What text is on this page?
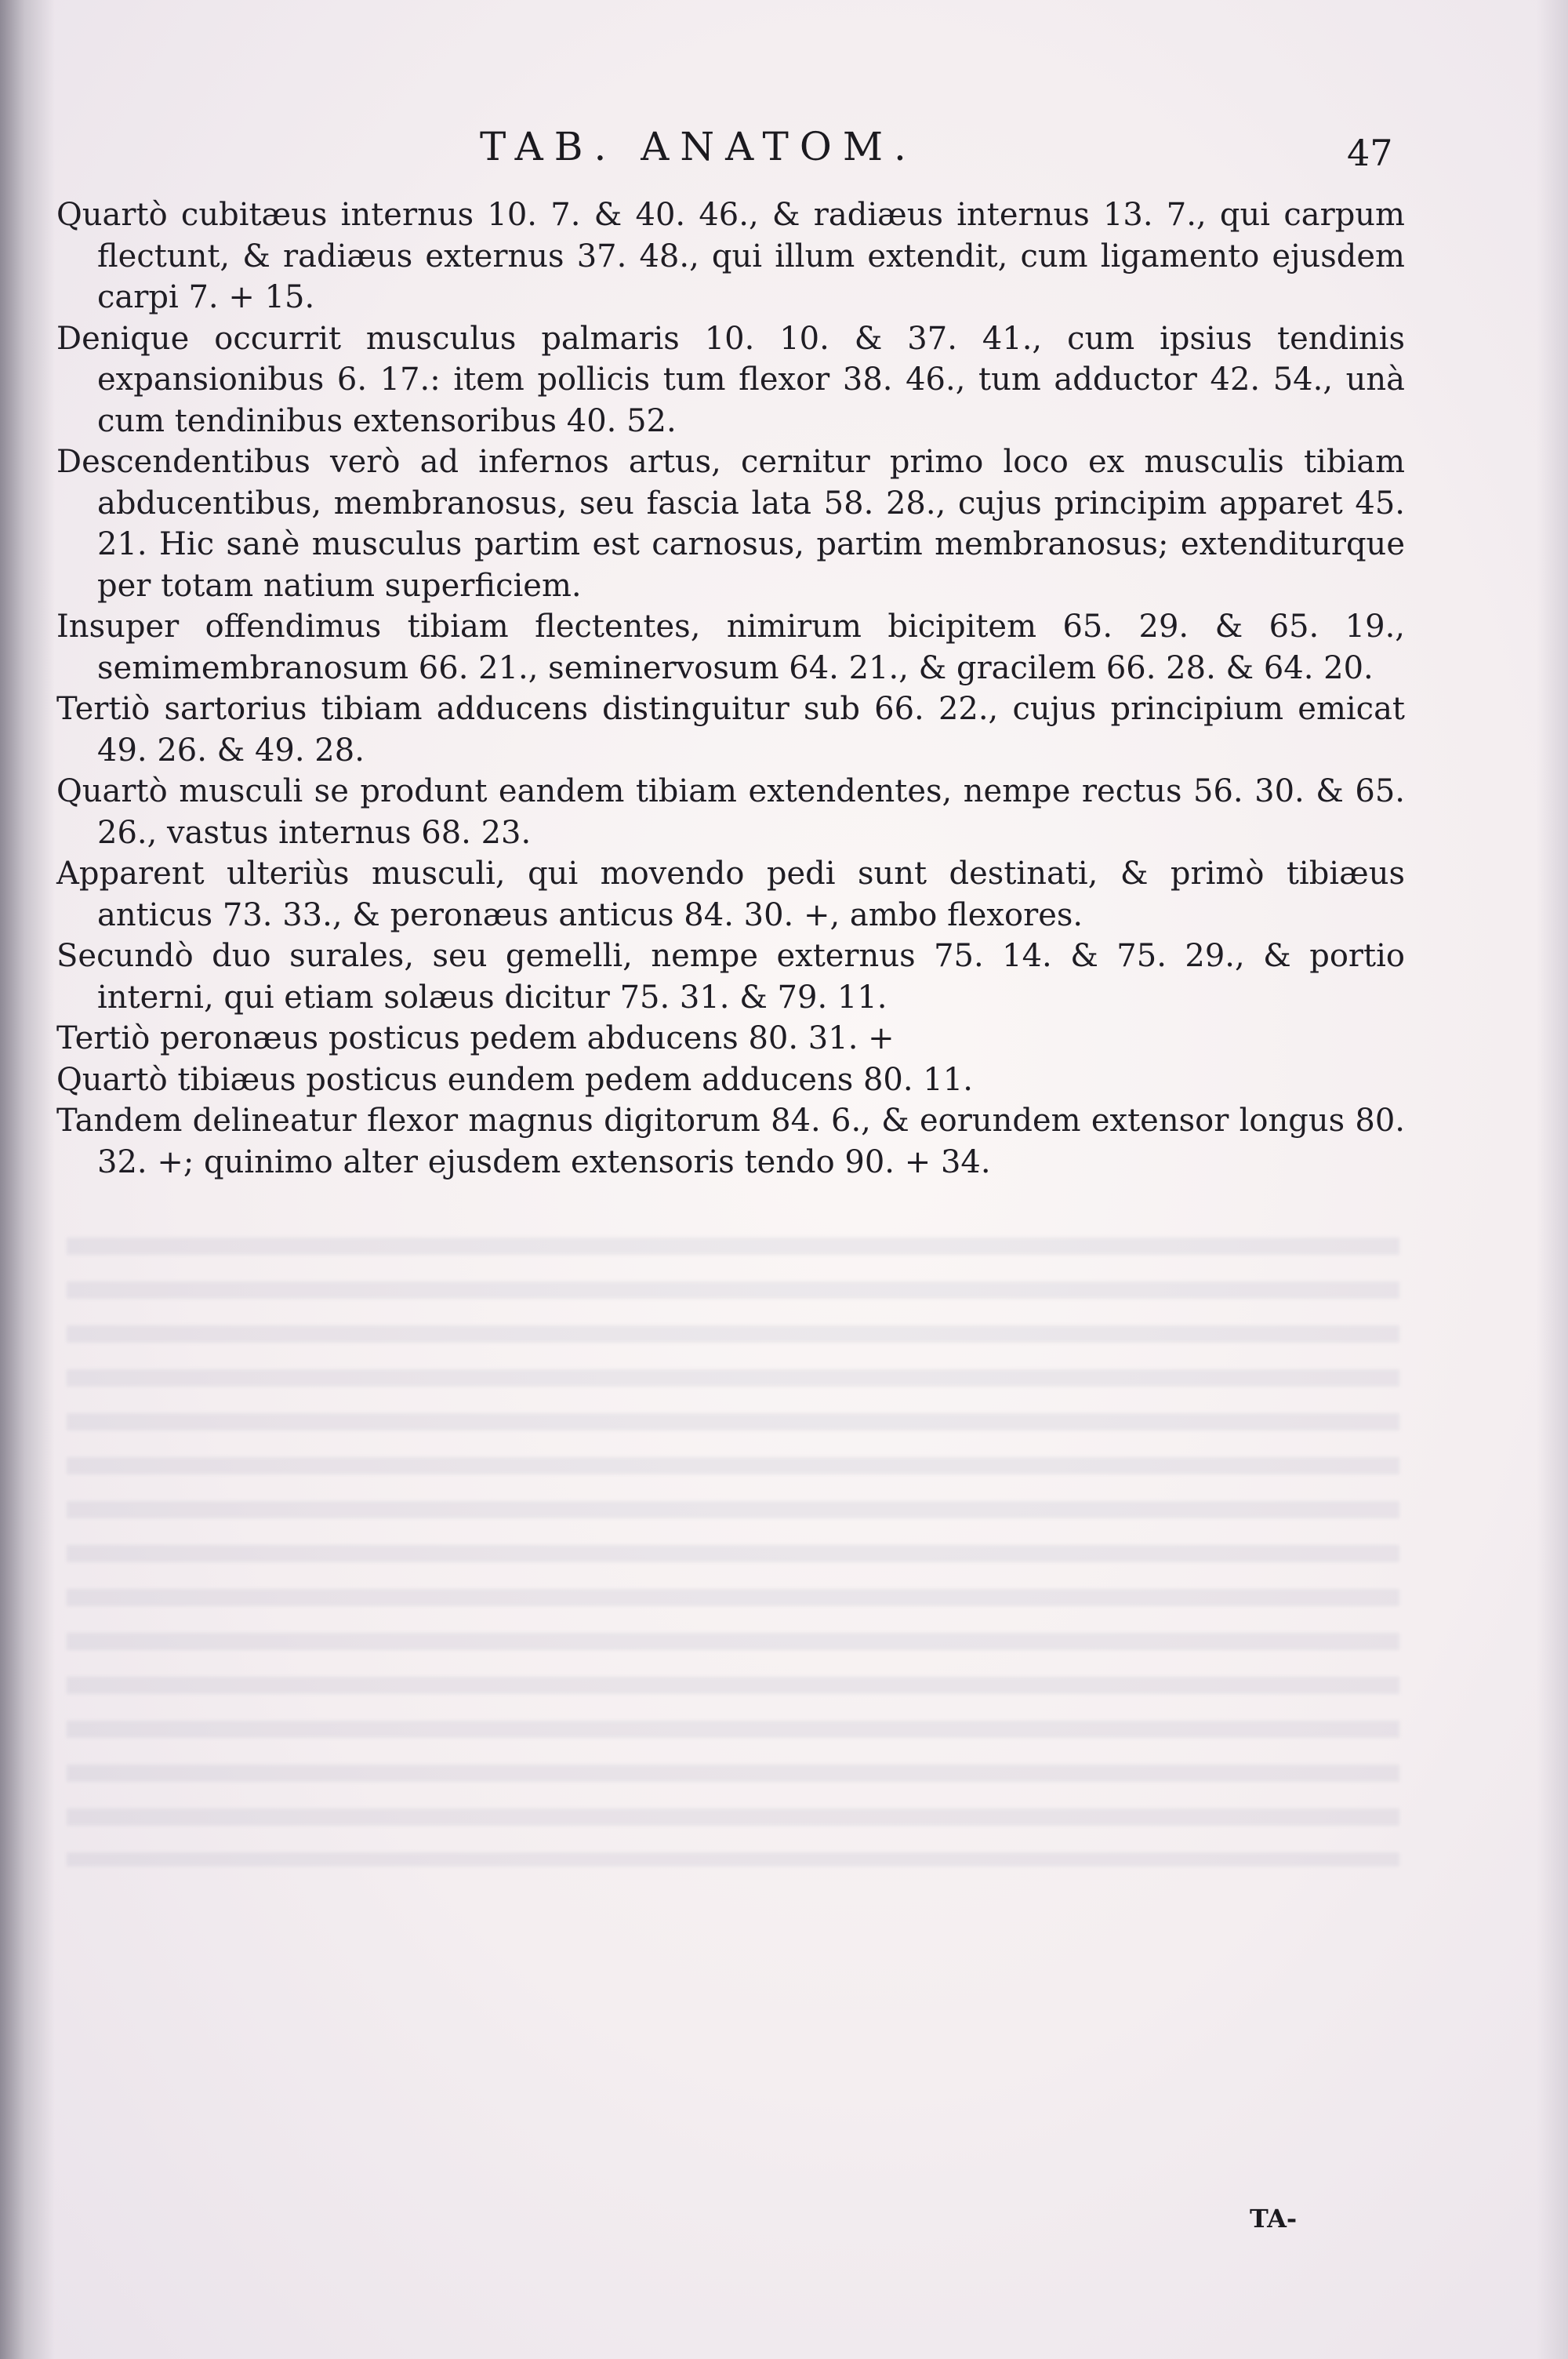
TAB. ANATOM.	47

Quartò cubitæus internus 10. 7. & 40. 46., & radiæus internus 13. 7., qui carpum flectunt, & radiæus externus 37. 48., qui illum extendit, cum ligamento ejusdem carpi 7. + 15.

Denique occurrit musculus palmaris 10. 10. & 37. 41., cum ipsius tendinis expansionibus 6. 17.: item pollicis tum flexor 38. 46., tum adductor 42. 54., unà cum tendinibus extensoribus 40. 52.

Descendentibus verò ad infernos artus, cernitur primo loco ex musculis tibiam abducentibus, membranosus, seu fascia lata 58. 28., cujus principim apparet 45. 21. Hic sanè musculus partim est carnosus, partim membranosus; extenditurque per totam natium superficiem.

Insuper offendimus tibiam flectentes, nimirum bicipitem 65. 29. & 65. 19., semimembranosum 66. 21., seminervosum 64. 21., & gracilem 66. 28. & 64. 20.

Tertiò sartorius tibiam adducens distinguitur sub 66. 22., cujus principium emicat 49. 26. & 49. 28.

Quartò musculi se produnt eandem tibiam extendentes, nempe rectus 56. 30. & 65. 26., vastus internus 68. 23.

Apparent ulteriùs musculi, qui movendo pedi sunt destinati, & primò tibiæus anticus 73. 33., & peronæus anticus 84. 30. +, ambo flexores.

Secundò duo surales, seu gemelli, nempe externus 75. 14. & 75. 29., & portio interni, qui etiam solæus dicitur 75. 31. & 79. 11.

Tertiò peronæus posticus pedem abducens 80. 31. +

Quartò tibiæus posticus eundem pedem adducens 80. 11.

Tandem delineatur flexor magnus digitorum 84. 6., & eorundem extensor longus 80. 32. +; quinimo alter ejusdem extensoris tendo 90. + 34.

TA-
